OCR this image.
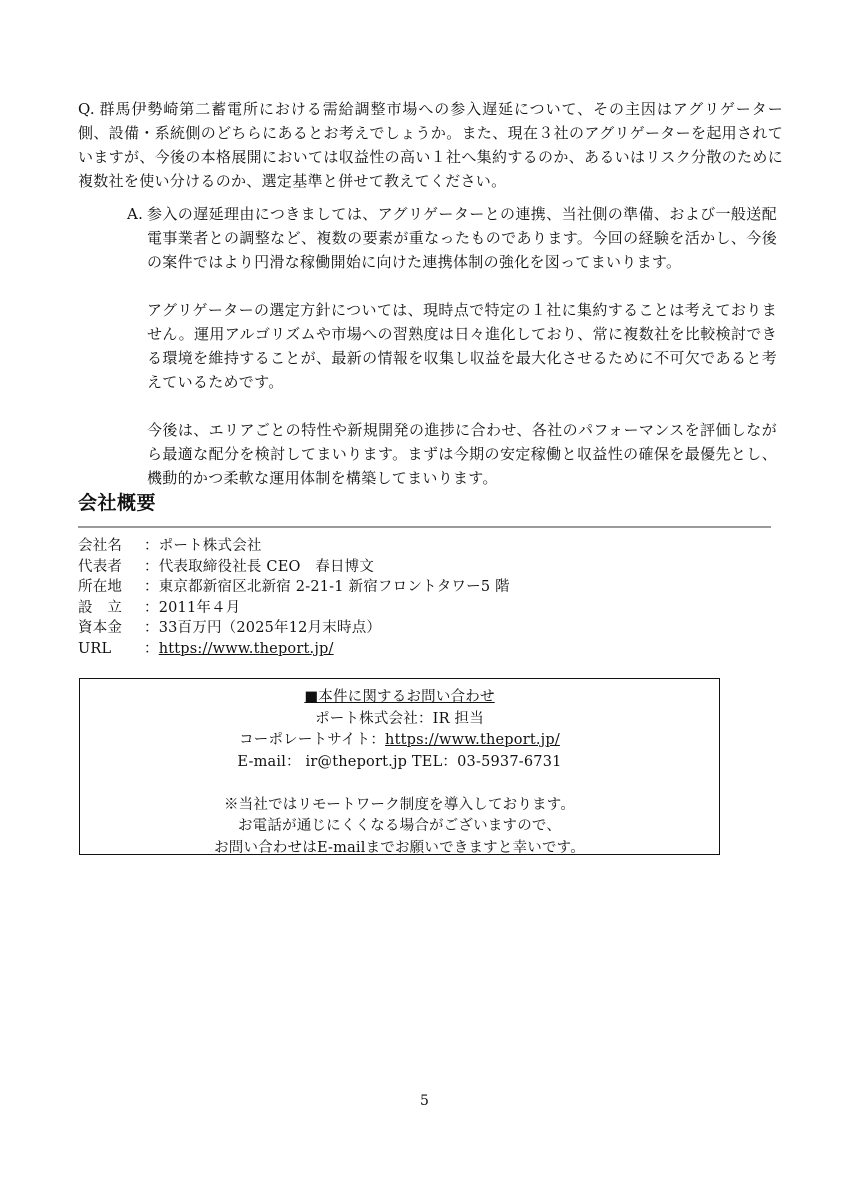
Q. 群馬伊勢崎第二蓄電所における需給調整市場への参入遅延について、その主因はアグリゲーター側、設備・系統側のどちらにあるとお考えでしょうか。また、現在３社のアグリゲーターを起用されていますが、今後の本格展開においては収益性の高い１社へ集約するのか、あるいはリスク分散のために複数社を使い分けるのか、選定基準と併せて教えてください。
A. 参入の遅延理由につきましては、アグリゲーターとの連携、当社側の準備、および一般送配電事業者との調整など、複数の要素が重なったものであります。今回の経験を活かし、今後の案件ではより円滑な稼働開始に向けた連携体制の強化を図ってまいります。
アグリゲーターの選定方針については、現時点で特定の１社に集約することは考えておりません。運用アルゴリズムや市場への習熟度は日々進化しており、常に複数社を比較検討できる環境を維持することが、最新の情報を収集し収益を最大化させるために不可欠であると考えているためです。
今後は、エリアごとの特性や新規開発の進捗に合わせ、各社のパフォーマンスを評価しながら最適な配分を検討してまいります。まずは今期の安定稼働と収益性の確保を最優先とし、機動的かつ柔軟な運用体制を構築してまいります。
会社概要
会社名	： ポート株式会社
代表者	： 代表取締役社長 CEO　春日博文
所在地	： 東京都新宿区北新宿 2-21-1 新宿フロントタワー5 階
設　立	： 2011年４月
資本金	： 33百万円（2025年12月末時点）
URL	： https://www.theport.jp/
■本件に関するお問い合わせ
ポート株式会社：IR 担当
コーポレートサイト：https://www.theport.jp/
E-mail： ir@theport.jp TEL：03-5937-6731
※当社ではリモートワーク制度を導入しております。
お電話が通じにくくなる場合がございますので、
お問い合わせはE-mailまでお願いできますと幸いです。
5
